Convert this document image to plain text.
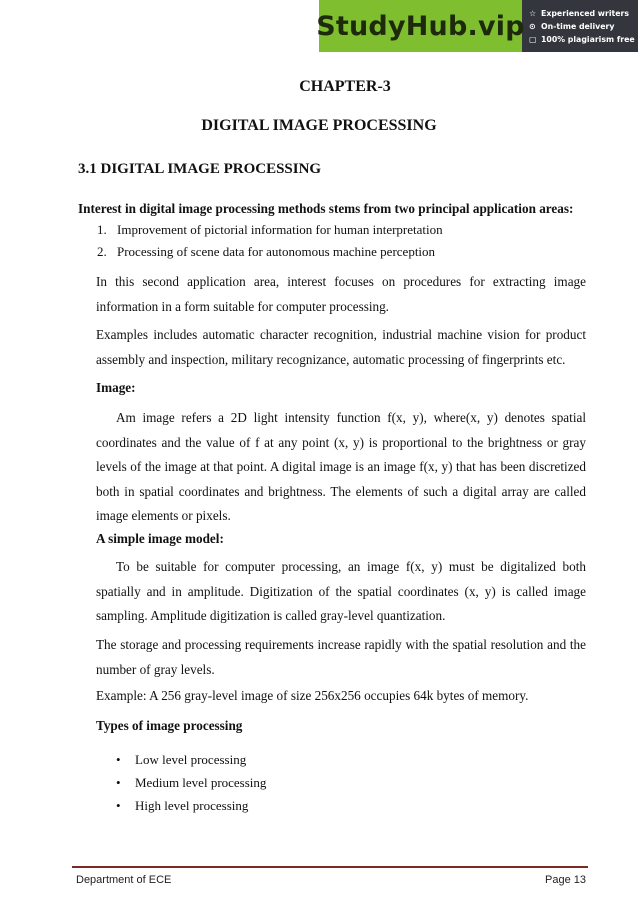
StudyHub.vip ☆ Experienced writers
⊙ On-time delivery
▢ 100% plagiarism free
CHAPTER-3
DIGITAL IMAGE PROCESSING
3.1 DIGITAL IMAGE PROCESSING
Interest in digital image processing methods stems from two principal application areas:
1. Improvement of pictorial information for human interpretation
2. Processing of scene data for autonomous machine perception
In this second application area, interest focuses on procedures for extracting image information in a form suitable for computer processing.
Examples includes automatic character recognition, industrial machine vision for product assembly and inspection, military recognizance, automatic processing of fingerprints etc.
Image:
Am image refers a 2D light intensity function f(x, y), where(x, y) denotes spatial coordinates and the value of f at any point (x, y) is proportional to the brightness or gray levels of the image at that point. A digital image is an image f(x, y) that has been discretized both in spatial coordinates and brightness. The elements of such a digital array are called image elements or pixels.
A simple image model:
To be suitable for computer processing, an image f(x, y) must be digitalized both spatially and in amplitude. Digitization of the spatial coordinates (x, y) is called image sampling. Amplitude digitization is called gray-level quantization.
The storage and processing requirements increase rapidly with the spatial resolution and the number of gray levels.
Example: A 256 gray-level image of size 256x256 occupies 64k bytes of memory.
Types of image processing
• Low level processing
• Medium level processing
• High level processing
Department of ECE	Page 13
